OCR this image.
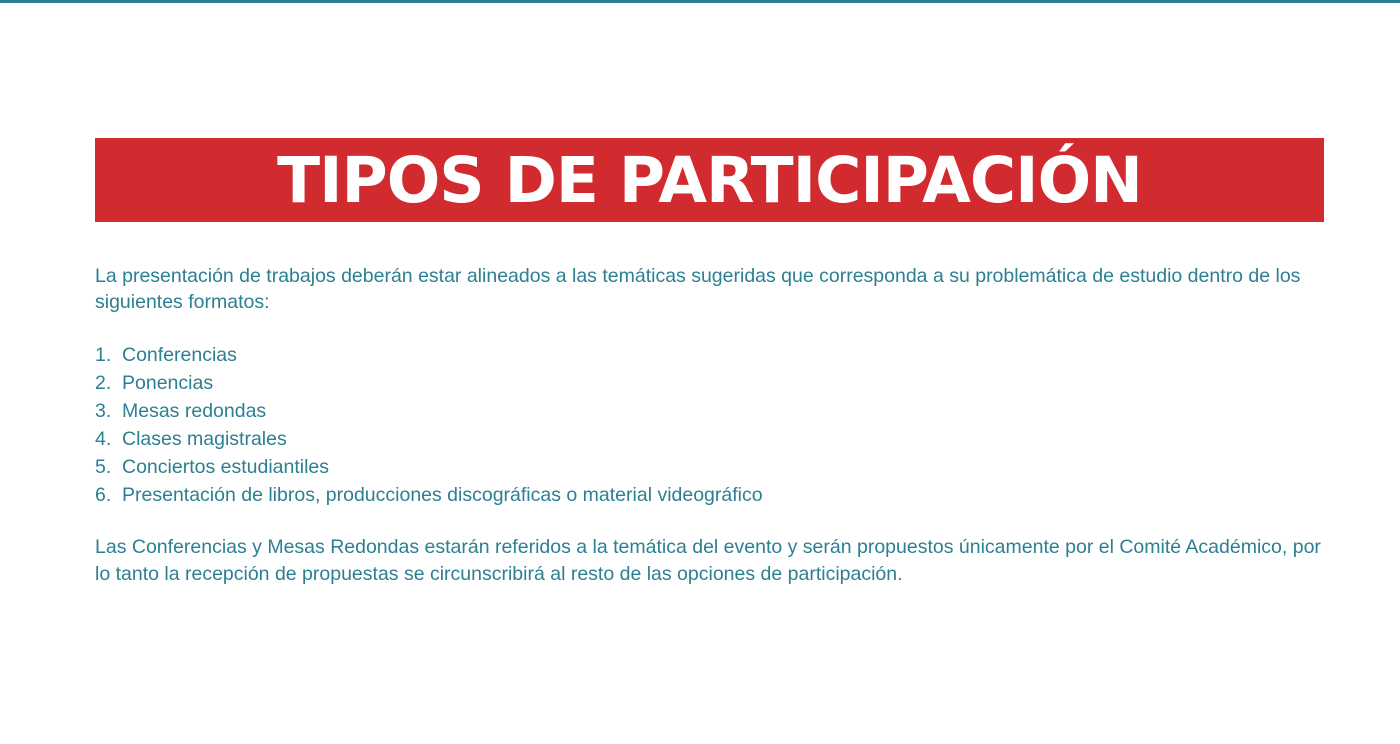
TIPOS DE PARTICIPACIÓN

La presentación de trabajos deberán estar alineados a las temáticas sugeridas que corresponda a su problemática de estudio dentro de los siguientes formatos:

1. Conferencias
2. Ponencias
3. Mesas redondas
4. Clases magistrales
5. Conciertos estudiantiles
6. Presentación de libros, producciones discográficas o material videográfico

Las Conferencias y Mesas Redondas estarán referidos a la temática del evento y serán propuestos únicamente por el Comité Académico, por lo tanto la recepción de propuestas se circunscribirá al resto de las opciones de participación.
